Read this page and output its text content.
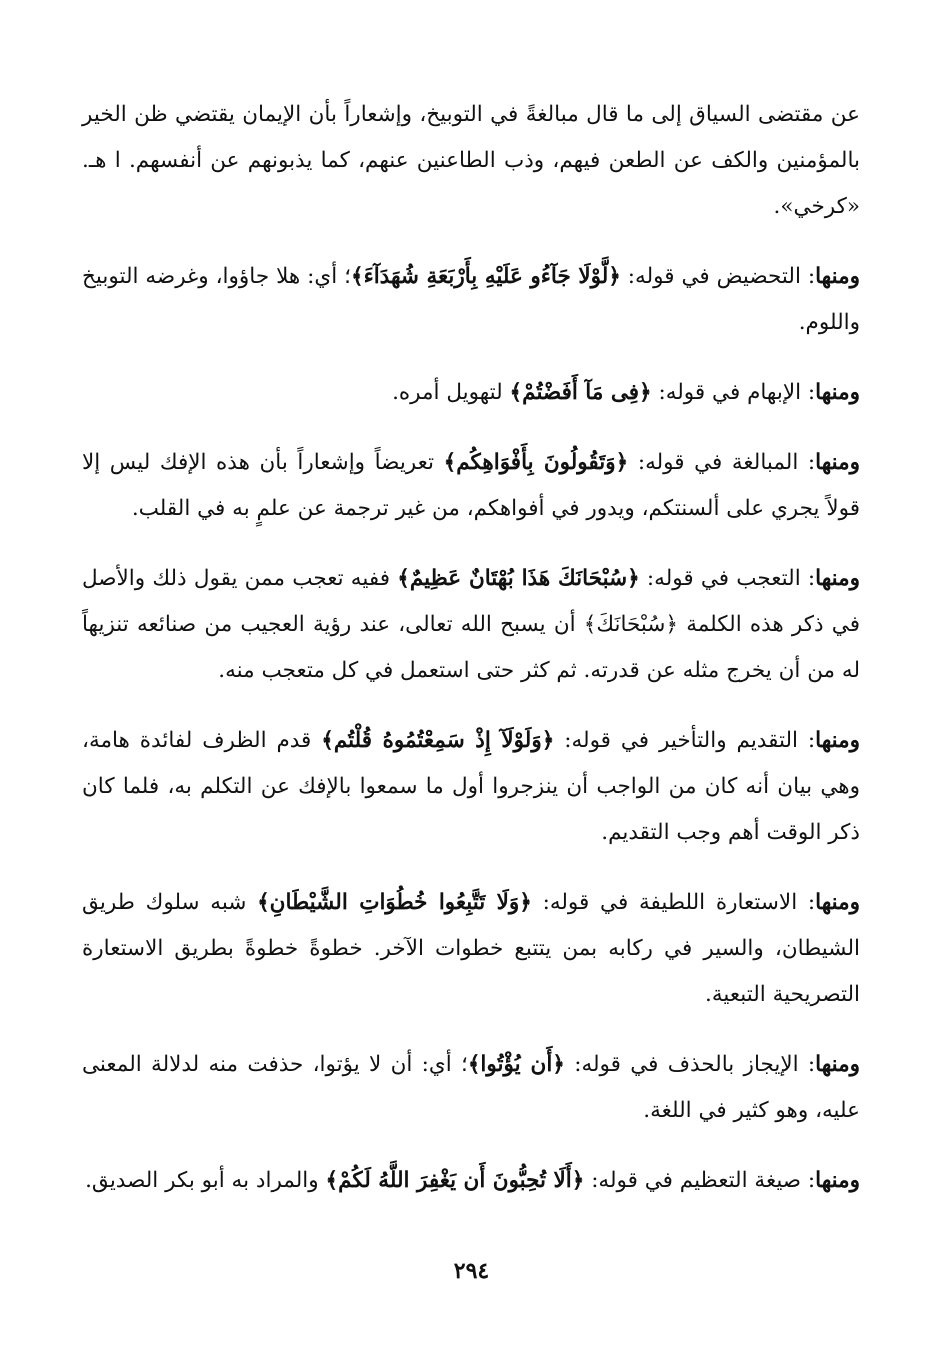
عن مقتضى السياق إلى ما قال مبالغةً في التوبيخ، وإشعاراً بأن الإيمان يقتضي ظن الخير بالمؤمنين والكف عن الطعن فيهم، وذب الطاعنين عنهم، كما يذبونهم عن أنفسهم. ا هـ. «كرخي».

ومنها: التحضيض في قوله: ﴿لَّوْلَا جَآءُو عَلَيْهِ بِأَرْبَعَةِ شُهَدَآءَ﴾؛ أي: هلا جاؤوا، وغرضه التوبيخ واللوم.

ومنها: الإبهام في قوله: ﴿فِى مَآ أَفَضْتُمْ﴾ لتهويل أمره.

ومنها: المبالغة في قوله: ﴿وَتَقُولُونَ بِأَفْوَاهِكُم﴾ تعريضاً وإشعاراً بأن هذه الإفك ليس إلا قولاً يجري على ألسنتكم، ويدور في أفواهكم، من غير ترجمة عن علمٍ به في القلب.

ومنها: التعجب في قوله: ﴿سُبْحَانَكَ هَذَا بُهْتَانٌ عَظِيمٌ﴾ ففيه تعجب ممن يقول ذلك والأصل في ذكر هذه الكلمة ﴿سُبْحَانَكَ﴾ أن يسبح الله تعالى، عند رؤية العجيب من صنائعه تنزيهاً له من أن يخرج مثله عن قدرته. ثم كثر حتى استعمل في كل متعجب منه.

ومنها: التقديم والتأخير في قوله: ﴿وَلَوْلَآ إِذْ سَمِعْتُمُوهُ قُلْتُم﴾ قدم الظرف لفائدة هامة، وهي بيان أنه كان من الواجب أن ينزجروا أول ما سمعوا بالإفك عن التكلم به، فلما كان ذكر الوقت أهم وجب التقديم.

ومنها: الاستعارة اللطيفة في قوله: ﴿وَلَا تَتَّبِعُوا خُطُوَاتِ الشَّيْطَانِ﴾ شبه سلوك طريق الشيطان، والسير في ركابه بمن يتتبع خطوات الآخر. خطوةً خطوةً بطريق الاستعارة التصريحية التبعية.

ومنها: الإيجاز بالحذف في قوله: ﴿أَن يُؤْتُوا﴾؛ أي: أن لا يؤتوا، حذفت منه لدلالة المعنى عليه، وهو كثير في اللغة.

ومنها: صيغة التعظيم في قوله: ﴿أَلَا تُحِبُّونَ أَن يَغْفِرَ اللَّهُ لَكُمْ﴾ والمراد به أبو بكر الصديق.

٢٩٤
